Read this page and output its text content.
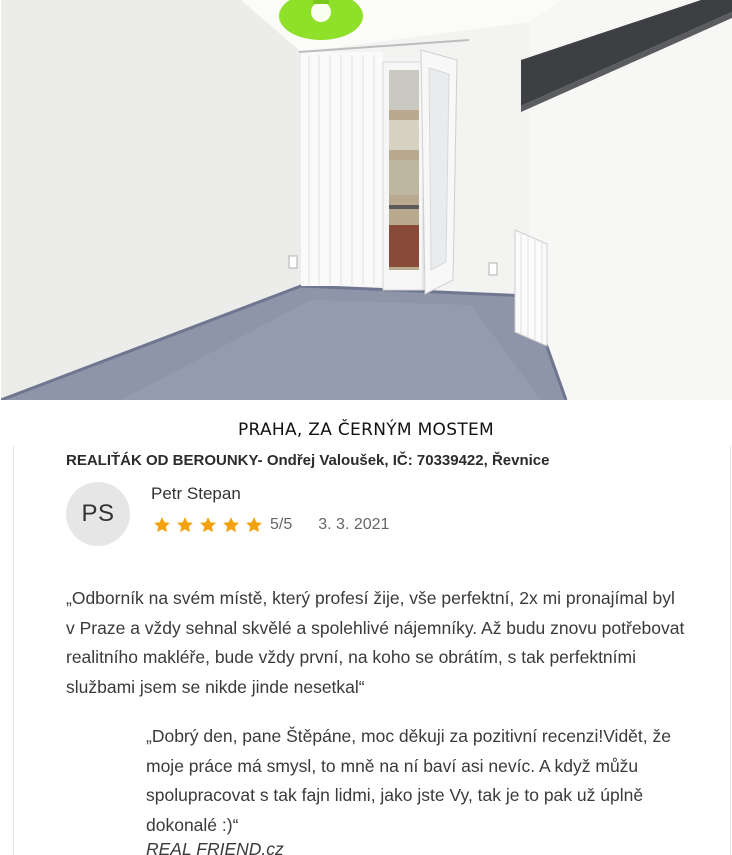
PRAHA, ZA ČERNÝM MOSTEM
REALIŤÁK OD BEROUNKY- Ondřej Valoušek, IČ: 70339422, Řevnice
PS
Petr Stepan
5/5 3. 3. 2021
„Odborník na svém místě, který profesí žije, vše perfektní, 2x mi pronajímal byl v Praze a vždy sehnal skvělé a spolehlivé nájemníky. Až budu znovu potřebovat realitního makléře, bude vždy první, na koho se obrátím, s tak perfektními službami jsem se nikde jinde nesetkal“
„Dobrý den, pane Štěpáne, moc děkuji za pozitivní recenzi!Vidět, že moje práce má smysl, to mně na ní baví asi nevíc. A když můžu spolupracovat s tak fajn lidmi, jako jste Vy, tak je to pak už úplně dokonalé :)“
REAL FRIEND.cz
